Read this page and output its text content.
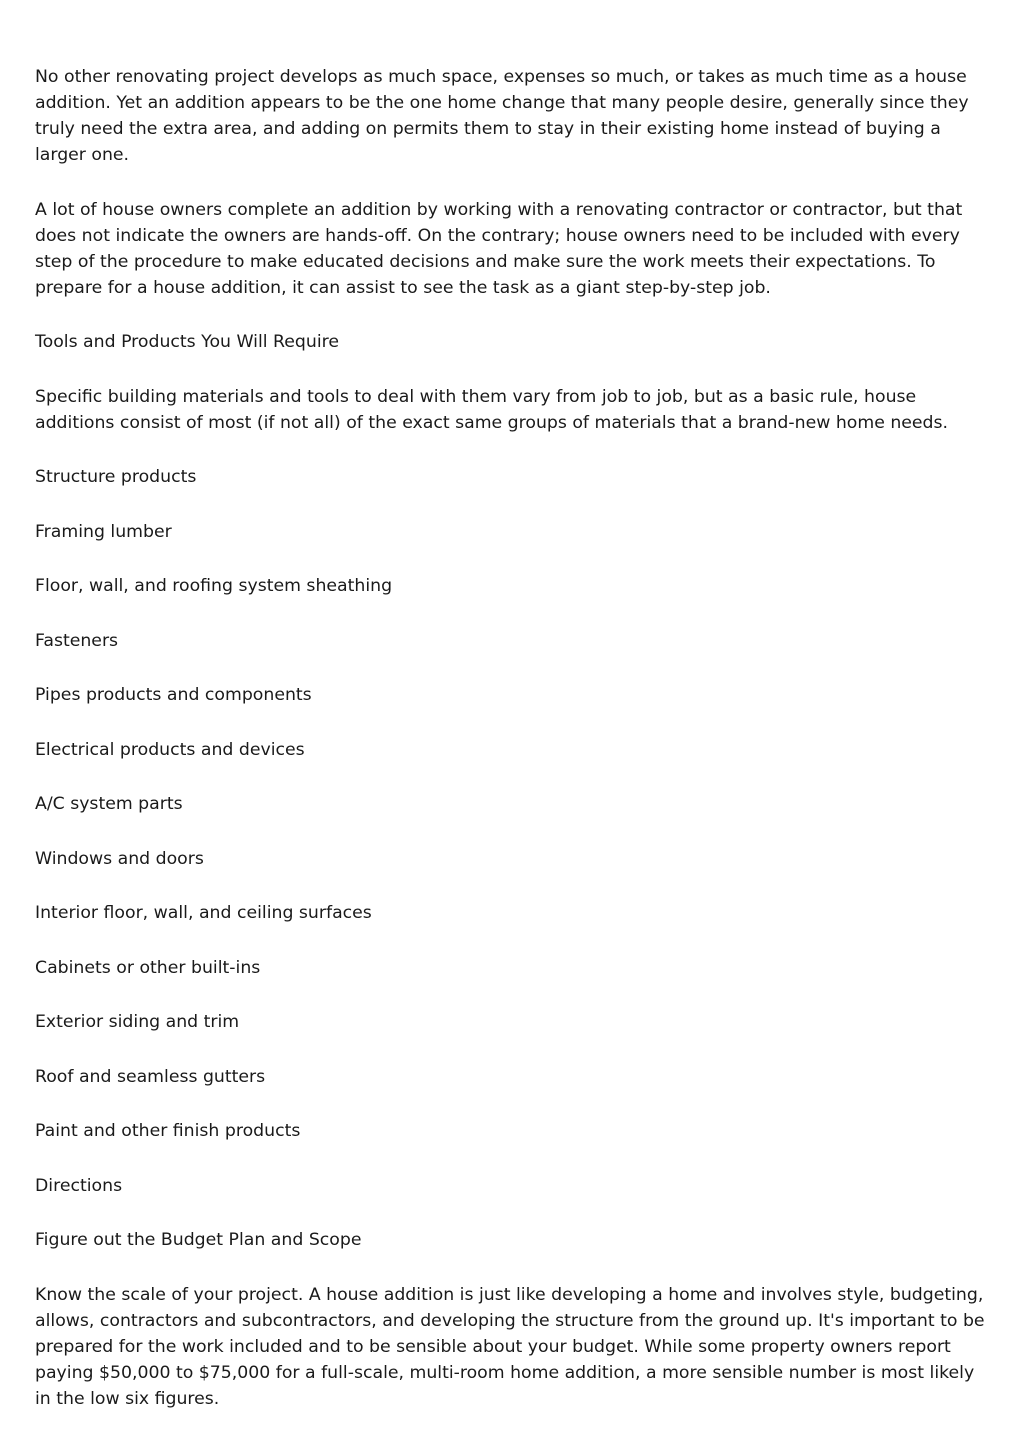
No other renovating project develops as much space, expenses so much, or takes as much time as a house addition. Yet an addition appears to be the one home change that many people desire, generally since they truly need the extra area, and adding on permits them to stay in their existing home instead of buying a larger one.

A lot of house owners complete an addition by working with a renovating contractor or contractor, but that does not indicate the owners are hands-off. On the contrary; house owners need to be included with every step of the procedure to make educated decisions and make sure the work meets their expectations. To prepare for a house addition, it can assist to see the task as a giant step-by-step job.

Tools and Products You Will Require

Specific building materials and tools to deal with them vary from job to job, but as a basic rule, house additions consist of most (if not all) of the exact same groups of materials that a brand-new home needs.

Structure products

Framing lumber

Floor, wall, and roofing system sheathing

Fasteners

Pipes products and components

Electrical products and devices

A/C system parts

Windows and doors

Interior floor, wall, and ceiling surfaces

Cabinets or other built-ins

Exterior siding and trim

Roof and seamless gutters

Paint and other finish products

Directions

Figure out the Budget Plan and Scope

Know the scale of your project. A house addition is just like developing a home and involves style, budgeting, allows, contractors and subcontractors, and developing the structure from the ground up. It's important to be prepared for the work included and to be sensible about your budget. While some property owners report paying $50,000 to $75,000 for a full-scale, multi-room home addition, a more sensible number is most likely in the low six figures.
